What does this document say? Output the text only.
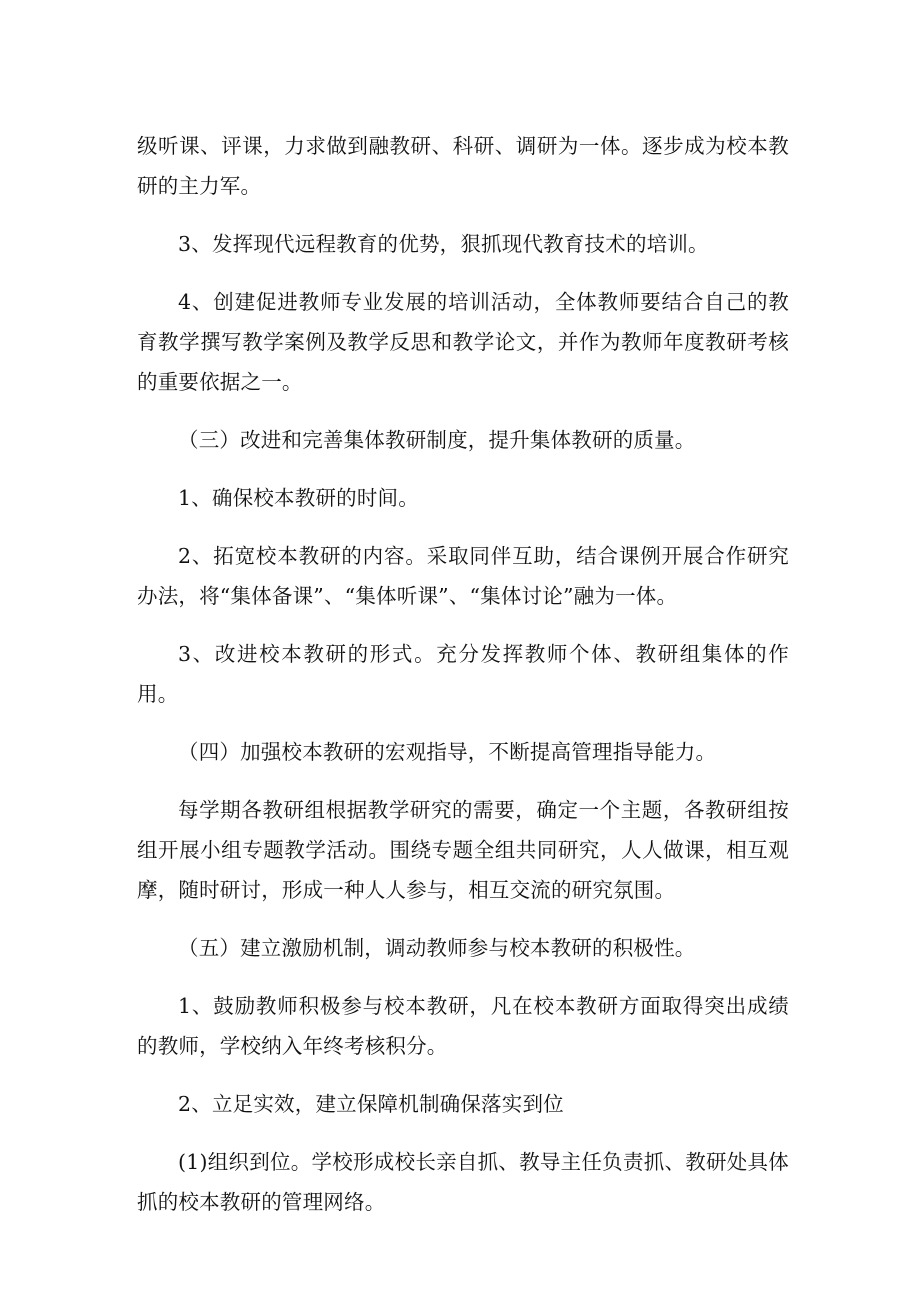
级听课、评课，力求做到融教研、科研、调研为一体。逐步成为校本教研的主力军。

3、发挥现代远程教育的优势，狠抓现代教育技术的培训。

4、创建促进教师专业发展的培训活动，全体教师要结合自己的教育教学撰写教学案例及教学反思和教学论文，并作为教师年度教研考核的重要依据之一。

（三）改进和完善集体教研制度，提升集体教研的质量。

1、确保校本教研的时间。

2、拓宽校本教研的内容。采取同伴互助，结合课例开展合作研究办法，将“集体备课”、“集体听课”、“集体讨论”融为一体。

3、改进校本教研的形式。充分发挥教师个体、教研组集体的作用。

（四）加强校本教研的宏观指导，不断提高管理指导能力。

每学期各教研组根据教学研究的需要，确定一个主题，各教研组按组开展小组专题教学活动。围绕专题全组共同研究，人人做课，相互观摩，随时研讨，形成一种人人参与，相互交流的研究氛围。

（五）建立激励机制，调动教师参与校本教研的积极性。

1、鼓励教师积极参与校本教研，凡在校本教研方面取得突出成绩的教师，学校纳入年终考核积分。

2、立足实效，建立保障机制确保落实到位

(1)组织到位。学校形成校长亲自抓、教导主任负责抓、教研处具体抓的校本教研的管理网络。
